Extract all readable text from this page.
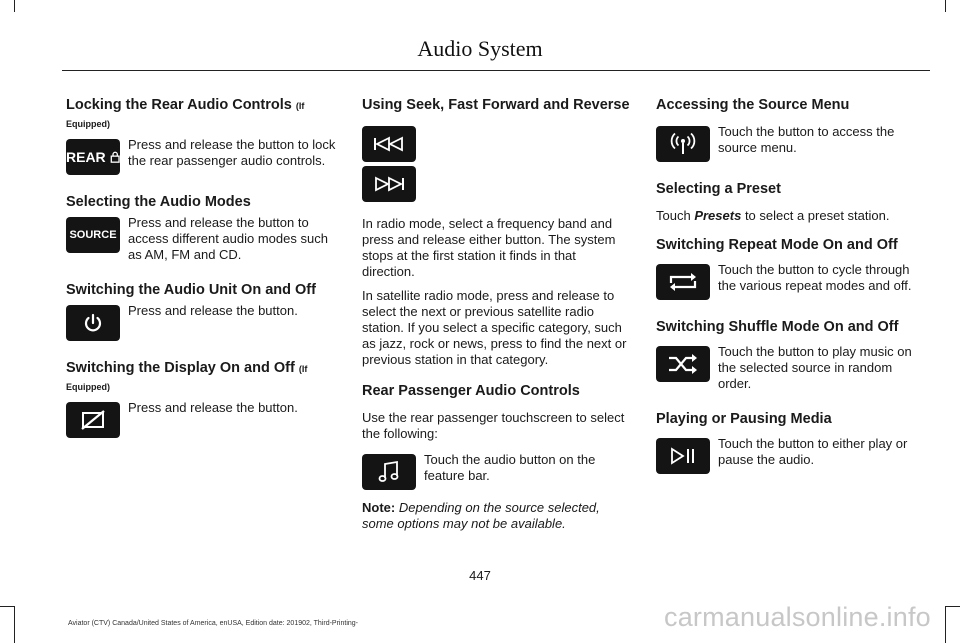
Audio System
Locking the Rear Audio Controls (If
Equipped)
REAR
Press and release the button to lock the rear passenger audio controls.
Selecting the Audio Modes
SOURCE
Press and release the button to access different audio modes such as AM, FM and CD.
Switching the Audio Unit On and Off
Press and release the button.
Switching the Display On and Off (If
Equipped)
Press and release the button.
Using Seek, Fast Forward and Reverse

In radio mode, select a frequency band and press and release either button. The system stops at the first station it finds in that direction.

In satellite radio mode, press and release to select the next or previous satellite radio station. If you select a specific category, such as jazz, rock or news, press to find the next or previous station in that category.

Rear Passenger Audio Controls

Use the rear passenger touchscreen to select the following:

Touch the audio button on the feature bar.

Note: Depending on the source selected, some options may not be available.

Accessing the Source Menu
Touch the button to access the source menu.
Selecting a Preset

Touch Presets to select a preset station.

Switching Repeat Mode On and Off
Touch the button to cycle through the various repeat modes and off.
Switching Shuffle Mode On and Off
Touch the button to play music on the selected source in random order.
Playing or Pausing Media
Touch the button to either play or pause the audio.
447
Aviator (CTV) Canada/United States of America, enUSA, Edition date: 201902, Third-Printing-	carmanualsonline.info
